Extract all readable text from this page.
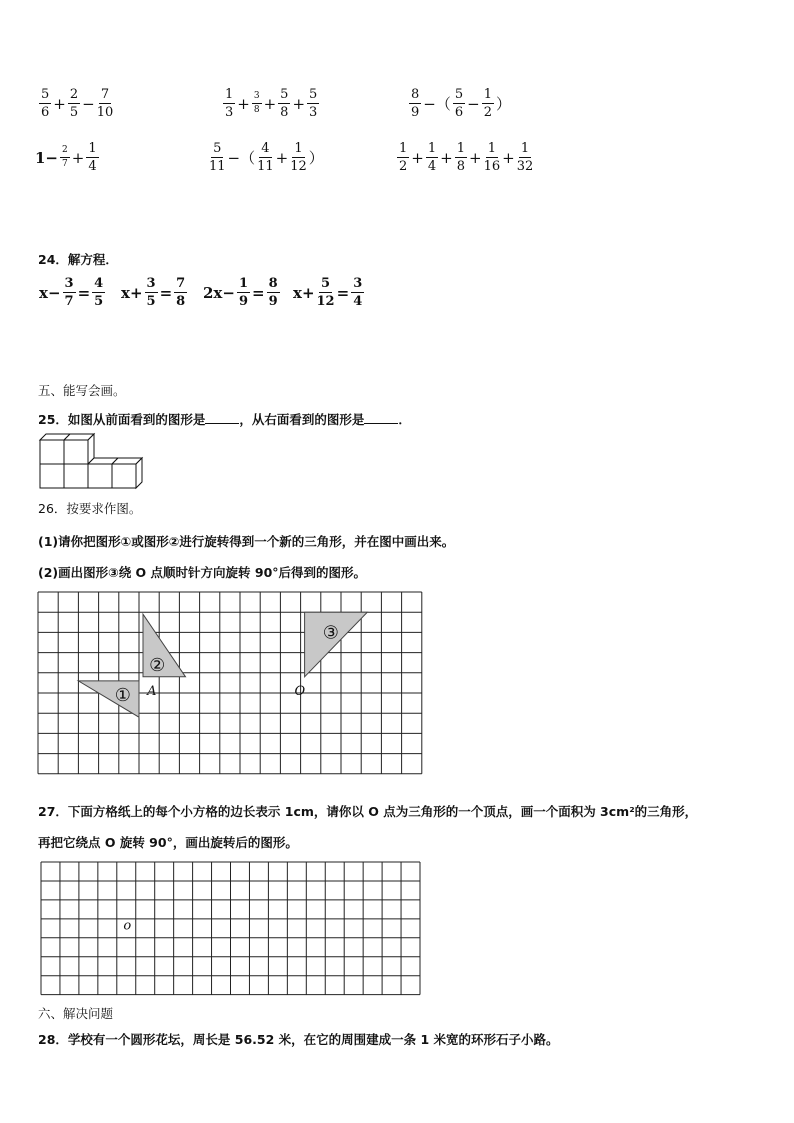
$\frac{5}{6} + \frac{2}{5} - \frac{7}{10}$	$\frac{1}{3} + \frac{3}{8} + \frac{5}{8} + \frac{5}{3}$	$\frac{8}{9}$ −（ $\frac{5}{6} - \frac{1}{2}$ ）
$1- \frac{2}{7} + \frac{1}{4}$	$\frac{5}{11}$ −（ $\frac{4}{11} + \frac{1}{12}$ ）	$\frac{1}{2} + \frac{1}{4} + \frac{1}{8} + \frac{1}{16} + \frac{1}{32}$
24．解方程．
$x- \frac{3}{7} = \frac{4}{5} x+ \frac{3}{5} = \frac{7}{8} 2x- \frac{1}{9} = \frac{8}{9} x+ \frac{5}{12} = \frac{3}{4}$
五、能写会画。
25．如图从前面看到的图形是	，从右面看到的图形是	．
26．按要求作图。
(1)请你把图形①或图形②进行旋转得到一个新的三角形，并在图中画出来。
(2)画出图形③绕 O 点顺时针方向旋转 90°后得到的图形。
①
②
③
A	O
27．下面方格纸上的每个小方格的边长表示 1cm，请你以 O 点为三角形的一个顶点，画一个面积为 3cm²的三角形，
再把它绕点 O 旋转 90°，画出旋转后的图形。
o
六、解决问题
28．学校有一个圆形花坛，周长是 56.52 米，在它的周围建成一条 1 米宽的环形石子小路。
